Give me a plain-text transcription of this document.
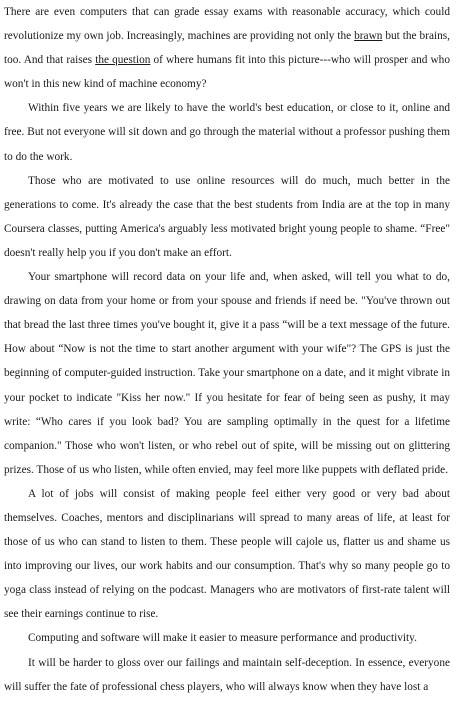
There are even computers that can grade essay exams with reasonable accuracy, which could revolutionize my own job. Increasingly, machines are providing not only the brawn but the brains, too. And that raises the question of where humans fit into this picture---who will prosper and who won't in this new kind of machine economy?

Within five years we are likely to have the world's best education, or close to it, online and free. But not everyone will sit down and go through the material without a professor pushing them to do the work.

Those who are motivated to use online resources will do much, much better in the generations to come. It's already the case that the best students from India are at the top in many Coursera classes, putting America's arguably less motivated bright young people to shame. “Free" doesn't really help you if you don't make an effort.

Your smartphone will record data on your life and, when asked, will tell you what to do, drawing on data from your home or from your spouse and friends if need be. "You've thrown out that bread the last three times you've bought it, give it a pass “will be a text message of the future. How about “Now is not the time to start another argument with your wife"? The GPS is just the beginning of computer-guided instruction. Take your smartphone on a date, and it might vibrate in your pocket to indicate "Kiss her now." If you hesitate for fear of being seen as pushy, it may write: “Who cares if you look bad? You are sampling optimally in the quest for a lifetime companion." Those who won't listen, or who rebel out of spite, will be missing out on glittering prizes. Those of us who listen, while often envied, may feel more like puppets with deflated pride.

A lot of jobs will consist of making people feel either very good or very bad about themselves. Coaches, mentors and disciplinarians will spread to many areas of life, at least for those of us who can stand to listen to them. These people will cajole us, flatter us and shame us into improving our lives, our work habits and our consumption. That's why so many people go to yoga class instead of relying on the podcast. Managers who are motivators of first-rate talent will see their earnings continue to rise.

Computing and software will make it easier to measure performance and productivity.

It will be harder to gloss over our failings and maintain self-deception. In essence, everyone will suffer the fate of professional chess players, who will always know when they have lost a
